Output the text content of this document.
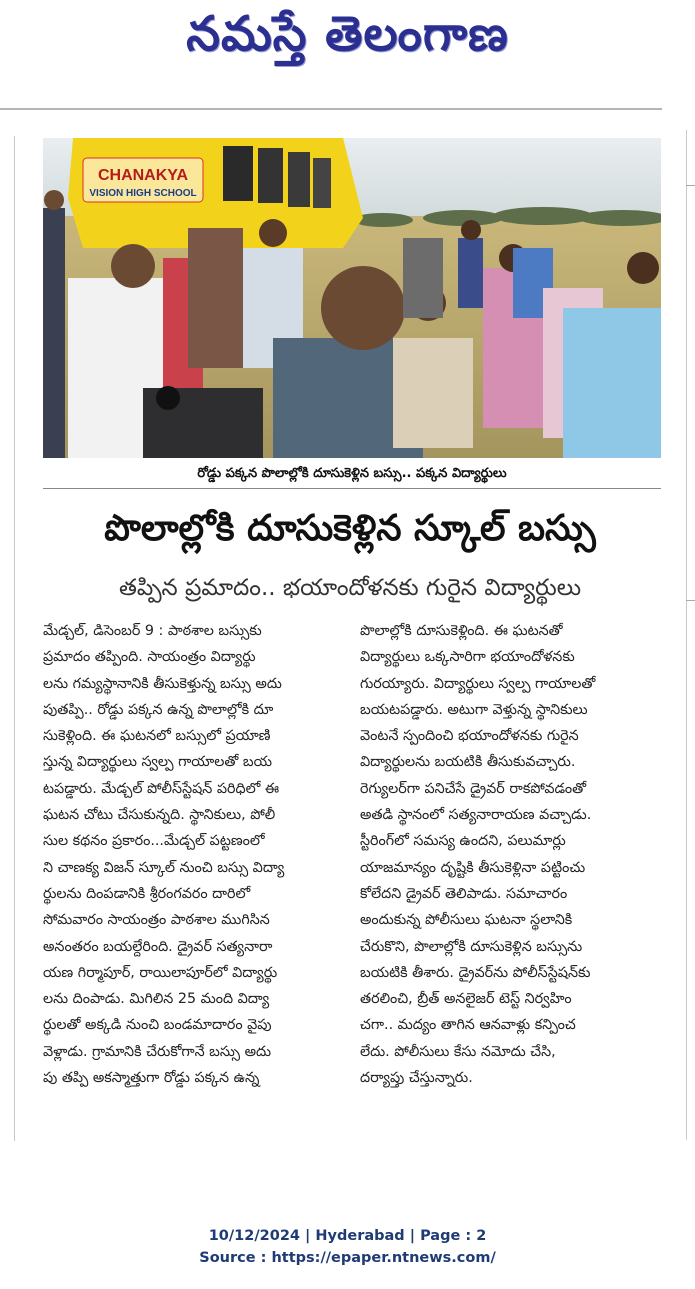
నమస్తే తెలంగాణ
CHANAKYA
VISION HIGH SCHOOL
రోడ్డు పక్కన పొలాల్లోకి దూసుకెళ్లిన బస్సు.. పక్కన విద్యార్థులు
పొలాల్లోకి దూసుకెళ్లిన స్కూల్ బస్సు
తప్పిన ప్రమాదం.. భయాందోళనకు గురైన విద్యార్థులు
మేడ్చల్, డిసెంబర్ 9 : పాఠశాల బస్సుకు
ప్రమాదం తప్పింది. సాయంత్రం విద్యార్థు
లను గమ్యస్థానానికి తీసుకెళ్తున్న బస్సు అదు
పుతప్పి.. రోడ్డు పక్కన ఉన్న పొలాల్లోకి దూ
సుకెళ్లింది. ఈ ఘటనలో బస్సులో ప్రయాణి
స్తున్న విద్యార్థులు స్వల్ప గాయాలతో బయ
టపడ్డారు. మేడ్చల్ పోలీస్‌స్టేషన్ పరిధిలో ఈ
ఘటన చోటు చేసుకున్నది. స్థానికులు, పోలీ
సుల కథనం ప్రకారం...మేడ్చల్ పట్టణంలో
ని చాణక్య విజన్ స్కూల్ నుంచి బస్సు విద్యా
ర్థులను దింపడానికి శ్రీరంగవరం దారిలో
సోమవారం సాయంత్రం పాఠశాల ముగిసిన
అనంతరం బయల్దేరింది. డ్రైవర్ సత్యనారా
యణ గిర్మాపూర్, రాయిలాపూర్‌లో విద్యార్థు
లను దింపాడు. మిగిలిన 25 మంది విద్యా
ర్థులతో అక్కడి నుంచి బండమాదారం వైపు
వెళ్లాడు. గ్రామానికి చేరుకోగానే బస్సు అదు
పు తప్పి అకస్మాత్తుగా రోడ్డు పక్కన ఉన్న
పొలాల్లోకి దూసుకెళ్లింది. ఈ ఘటనతో
విద్యార్థులు ఒక్కసారిగా భయాందోళనకు
గురయ్యారు. విద్యార్థులు స్వల్ప గాయాలతో
బయటపడ్డారు. అటుగా వెళ్తున్న స్థానికులు
వెంటనే స్పందించి భయాందోళనకు గురైన
విద్యార్థులను బయటికి తీసుకువచ్చారు.
రెగ్యులర్‌గా పనిచేసే డ్రైవర్ రాకపోవడంతో
అతడి స్థానంలో సత్యనారాయణ వచ్చాడు.
స్టీరింగ్‌లో సమస్య ఉందని, పలుమార్లు
యాజమాన్యం దృష్టికి తీసుకెళ్లినా పట్టించు
కోలేదని డ్రైవర్ తెలిపాడు. సమాచారం
అందుకున్న పోలీసులు ఘటనా స్థలానికి
చేరుకొని, పొలాల్లోకి దూసుకెళ్లిన బస్సును
బయటికి తీశారు. డ్రైవర్‌ను పోలీస్‌స్టేషన్‌కు
తరలించి, బ్రీత్ అనలైజర్ టెస్ట్ నిర్వహిం
చగా.. మద్యం తాగిన ఆనవాళ్లు కన్పించ
లేదు. పోలీసులు కేసు నమోదు చేసి,
దర్యాప్తు చేస్తున్నారు.
10/12/2024 | Hyderabad | Page : 2
Source : https://epaper.ntnews.com/
